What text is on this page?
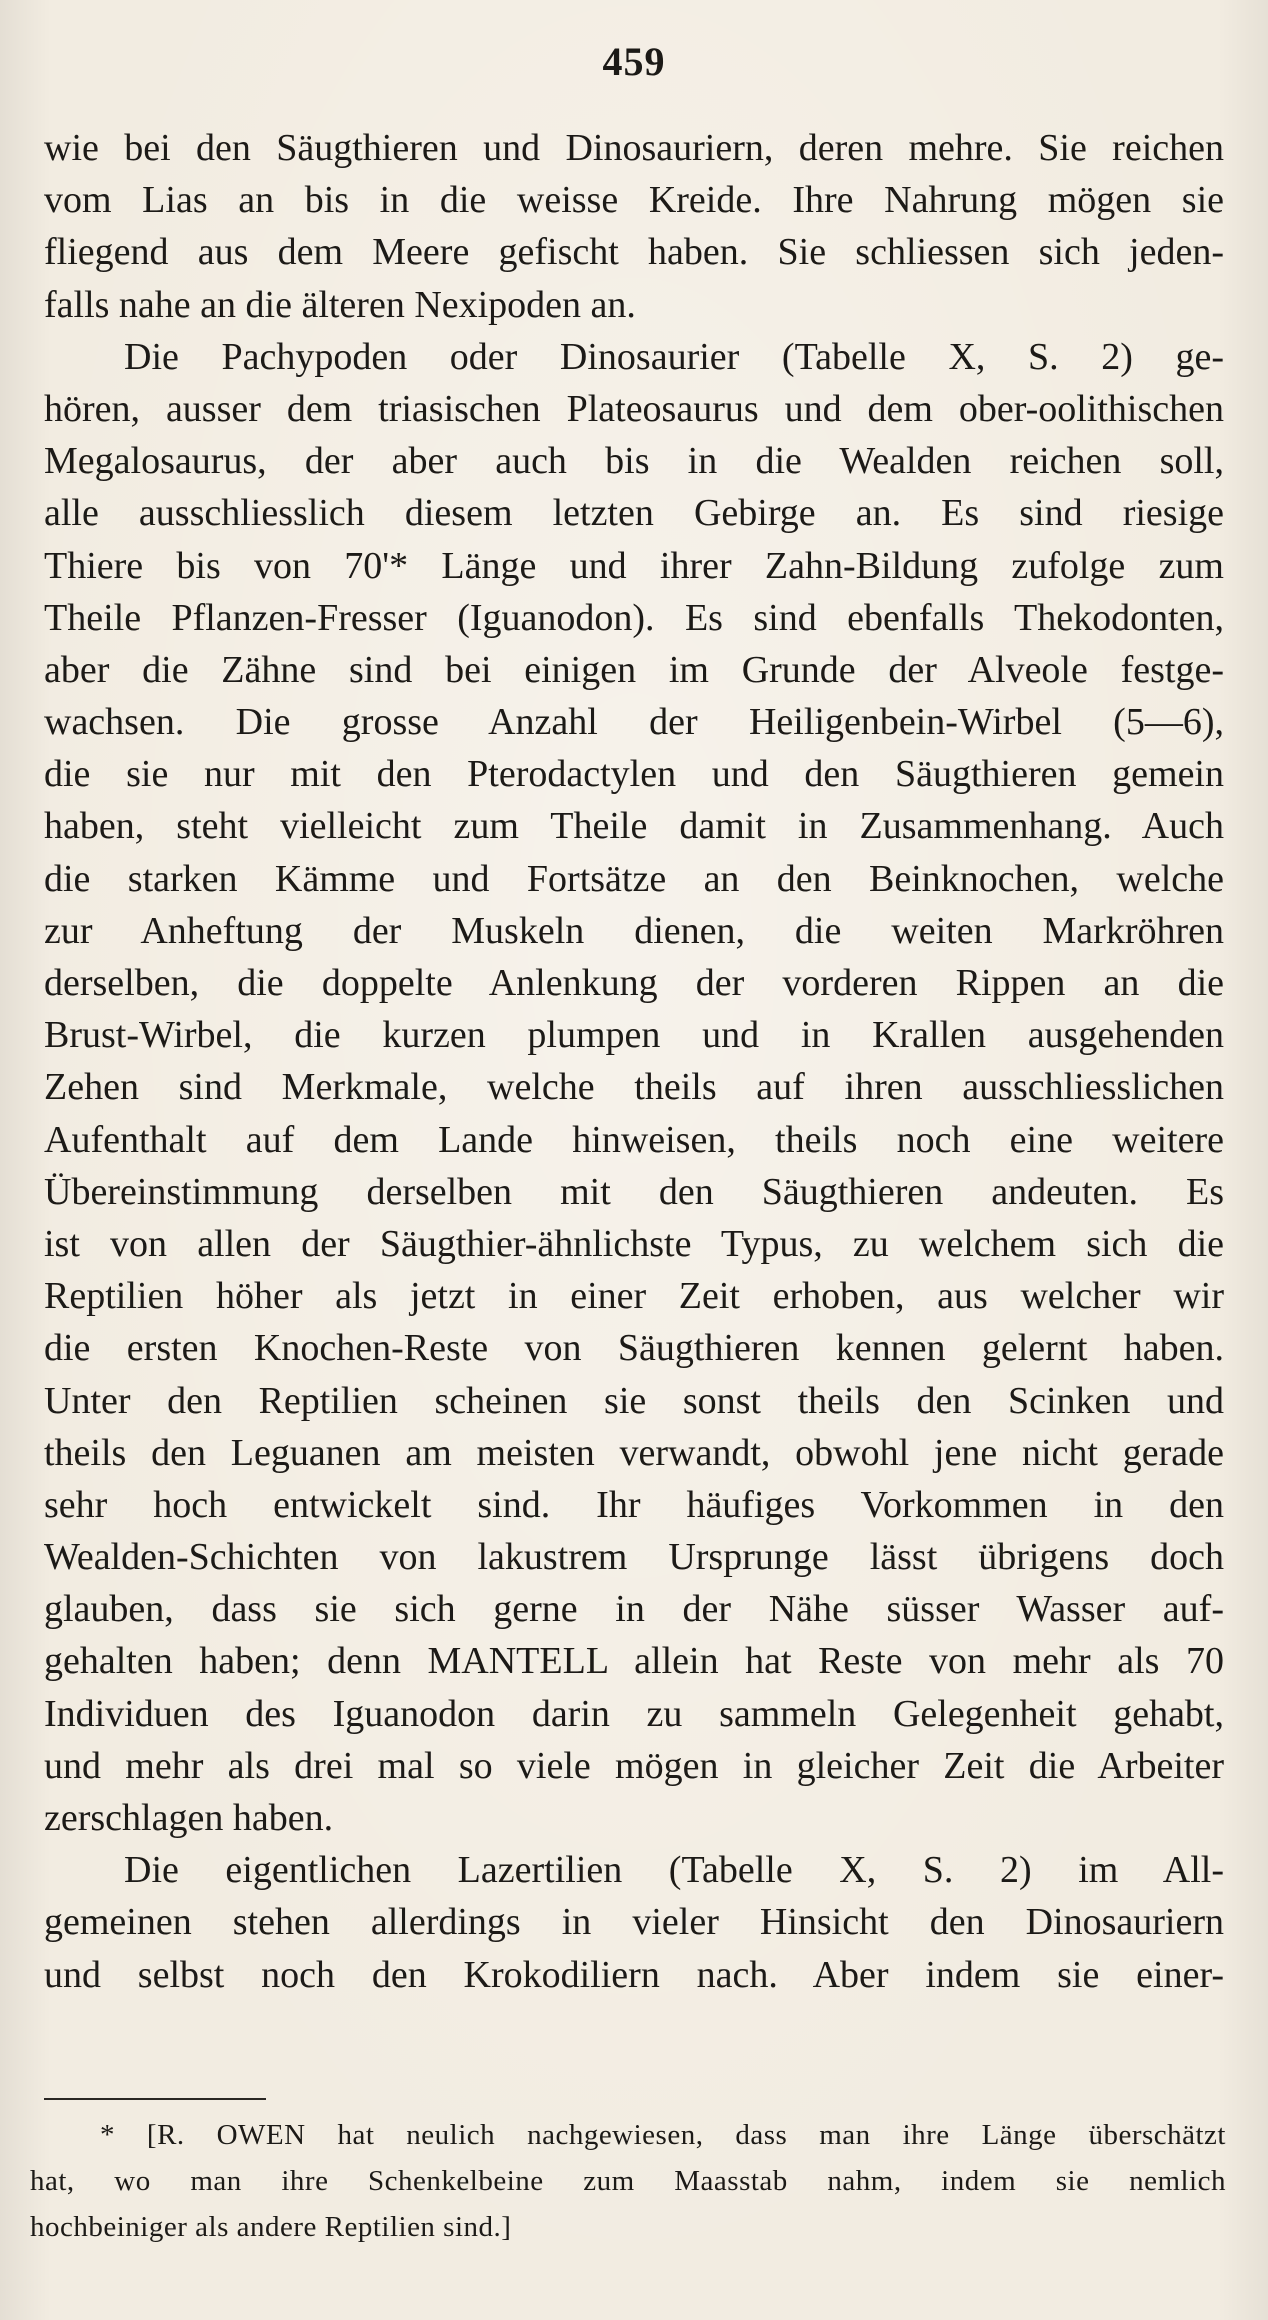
459
wie bei den Säugthieren und Dinosauriern, deren mehre. Sie reichen
vom Lias an bis in die weisse Kreide. Ihre Nahrung mögen sie
fliegend aus dem Meere gefischt haben. Sie schliessen sich jeden-
falls nahe an die älteren Nexipoden an.
Die Pachypoden oder Dinosaurier (Tabelle X, S. 2) ge-
hören, ausser dem triasischen Plateosaurus und dem ober-oolithischen
Megalosaurus, der aber auch bis in die Wealden reichen soll,
alle ausschliesslich diesem letzten Gebirge an. Es sind riesige
Thiere bis von 70'* Länge und ihrer Zahn-Bildung zufolge zum
Theile Pflanzen-Fresser (Iguanodon). Es sind ebenfalls Thekodonten,
aber die Zähne sind bei einigen im Grunde der Alveole festge-
wachsen. Die grosse Anzahl der Heiligenbein-Wirbel (5—6),
die sie nur mit den Pterodactylen und den Säugthieren gemein
haben, steht vielleicht zum Theile damit in Zusammenhang. Auch
die starken Kämme und Fortsätze an den Beinknochen, welche
zur Anheftung der Muskeln dienen, die weiten Markröhren
derselben, die doppelte Anlenkung der vorderen Rippen an die
Brust-Wirbel, die kurzen plumpen und in Krallen ausgehenden
Zehen sind Merkmale, welche theils auf ihren ausschliesslichen
Aufenthalt auf dem Lande hinweisen, theils noch eine weitere
Übereinstimmung derselben mit den Säugthieren andeuten. Es
ist von allen der Säugthier-ähnlichste Typus, zu welchem sich die
Reptilien höher als jetzt in einer Zeit erhoben, aus welcher wir
die ersten Knochen-Reste von Säugthieren kennen gelernt haben.
Unter den Reptilien scheinen sie sonst theils den Scinken und
theils den Leguanen am meisten verwandt, obwohl jene nicht gerade
sehr hoch entwickelt sind. Ihr häufiges Vorkommen in den
Wealden-Schichten von lakustrem Ursprunge lässt übrigens doch
glauben, dass sie sich gerne in der Nähe süsser Wasser auf-
gehalten haben; denn MANTELL allein hat Reste von mehr als 70
Individuen des Iguanodon darin zu sammeln Gelegenheit gehabt,
und mehr als drei mal so viele mögen in gleicher Zeit die Arbeiter
zerschlagen haben.
Die eigentlichen Lazertilien (Tabelle X, S. 2) im All-
gemeinen stehen allerdings in vieler Hinsicht den Dinosauriern
und selbst noch den Krokodiliern nach. Aber indem sie einer-
* [R. OWEN hat neulich nachgewiesen, dass man ihre Länge überschätzt
hat, wo man ihre Schenkelbeine zum Maasstab nahm, indem sie nemlich
hochbeiniger als andere Reptilien sind.]
